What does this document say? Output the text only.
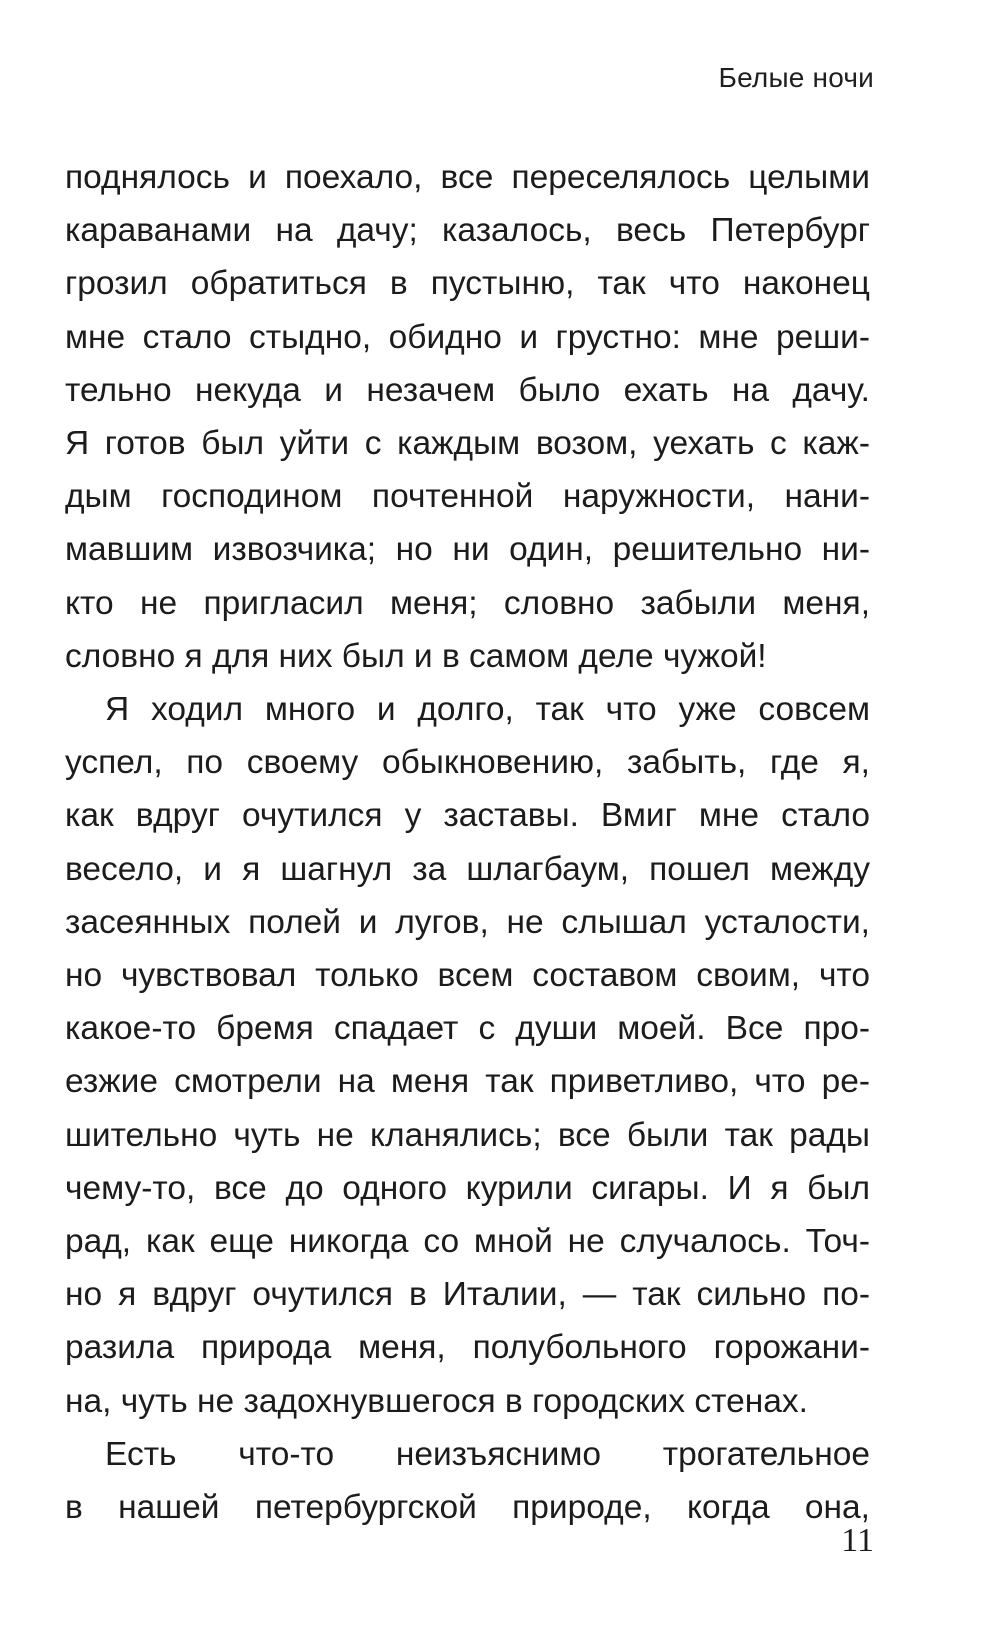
Белые ночи

поднялось и поехало, все переселялось целыми
караванами на дачу; казалось, весь Петербург
грозил обратиться в пустыню, так что наконец
мне стало стыдно, обидно и грустно: мне реши-
тельно некуда и незачем было ехать на дачу.
Я готов был уйти с каждым возом, уехать с каж-
дым господином почтенной наружности, нани-
мавшим извозчика; но ни один, решительно ни-
кто не пригласил меня; словно забыли меня,
словно я для них был и в самом деле чужой!

Я ходил много и долго, так что уже совсем
успел, по своему обыкновению, забыть, где я,
как вдруг очутился у заставы. Вмиг мне стало
весело, и я шагнул за шлагбаум, пошел между
засеянных полей и лугов, не слышал усталости,
но чувствовал только всем составом своим, что
какое-то бремя спадает с души моей. Все про-
езжие смотрели на меня так приветливо, что ре-
шительно чуть не кланялись; все были так рады
чему-то, все до одного курили сигары. И я был
рад, как еще никогда со мной не случалось. Точ-
но я вдруг очутился в Италии, — так сильно по-
разила природа меня, полубольного горожани-
на, чуть не задохнувшегося в городских стенах.

Есть что-то неизъяснимо трогательное
в нашей петербургской природе, когда она,

11
